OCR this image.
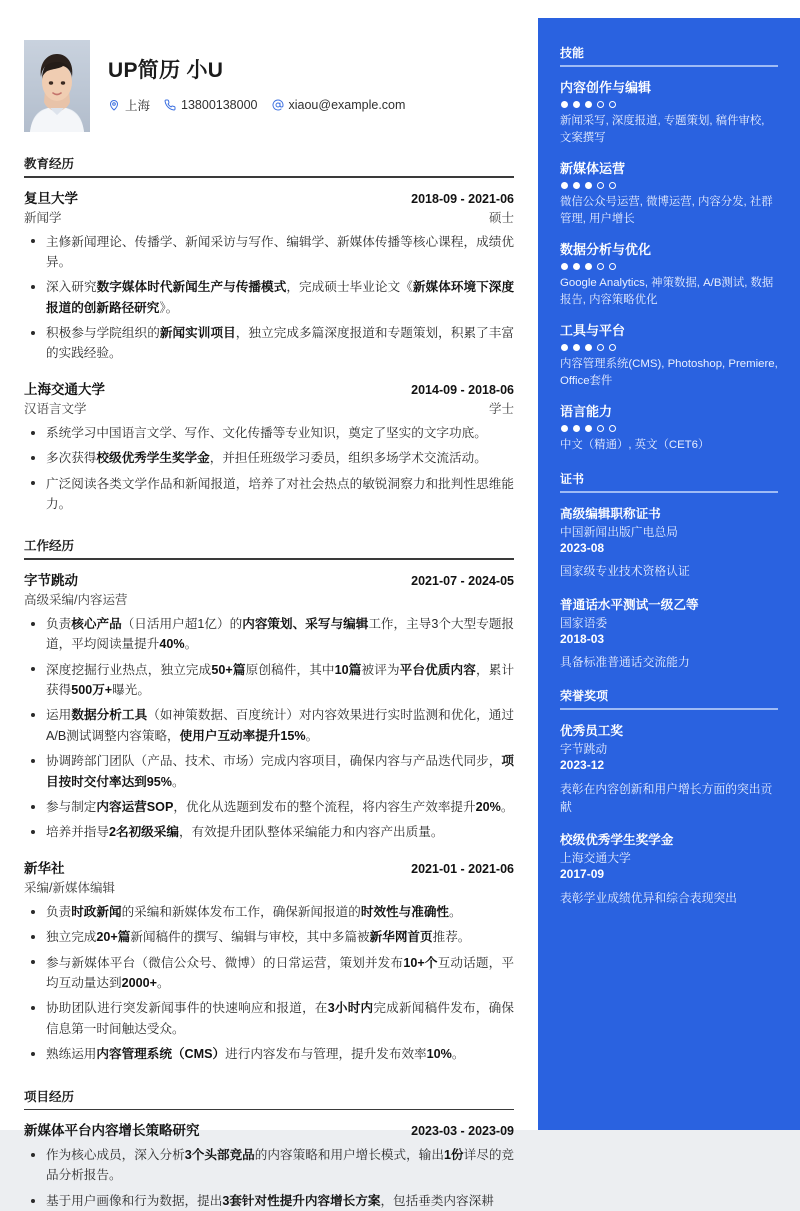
UP简历 小U
上海 13800138000 xiaou@example.com
教育经历
复旦大学	2018-09 - 2021-06
新闻学	硕士
主修新闻理论、传播学、新闻采访与写作、编辑学、新媒体传播等核心课程，成绩优异。
深入研究数字媒体时代新闻生产与传播模式，完成硕士毕业论文《新媒体环境下深度报道的创新路径研究》。
积极参与学院组织的新闻实训项目，独立完成多篇深度报道和专题策划，积累了丰富的实践经验。
上海交通大学	2014-09 - 2018-06
汉语言文学	学士
系统学习中国语言文学、写作、文化传播等专业知识，奠定了坚实的文字功底。
多次获得校级优秀学生奖学金，并担任班级学习委员，组织多场学术交流活动。
广泛阅读各类文学作品和新闻报道，培养了对社会热点的敏锐洞察力和批判性思维能力。
工作经历
字节跳动	2021-07 - 2024-05
高级采编/内容运营
负责核心产品（日活用户超1亿）的内容策划、采写与编辑工作，主导3个大型专题报道，平均阅读量提升40%。
深度挖掘行业热点，独立完成50+篇原创稿件，其中10篇被评为平台优质内容，累计获得500万+曝光。
运用数据分析工具（如神策数据、百度统计）对内容效果进行实时监测和优化，通过A/B测试调整内容策略，使用户互动率提升15%。
协调跨部门团队（产品、技术、市场）完成内容项目，确保内容与产品迭代同步，项目按时交付率达到95%。
参与制定内容运营SOP，优化从选题到发布的整个流程，将内容生产效率提升20%。
培养并指导2名初级采编，有效提升团队整体采编能力和内容产出质量。
新华社	2021-01 - 2021-06
采编/新媒体编辑
负责时政新闻的采编和新媒体发布工作，确保新闻报道的时效性与准确性。
独立完成20+篇新闻稿件的撰写、编辑与审校，其中多篇被新华网首页推荐。
参与新媒体平台（微信公众号、微博）的日常运营，策划并发布10+个互动话题，平均互动量达到2000+。
协助团队进行突发新闻事件的快速响应和报道，在3小时内完成新闻稿件发布，确保信息第一时间触达受众。
熟练运用内容管理系统（CMS）进行内容发布与管理，提升发布效率10%。
项目经历
新媒体平台内容增长策略研究	2023-03 - 2023-09
作为核心成员，深入分析3个头部竞品的内容策略和用户增长模式，输出1份详尽的竞品分析报告。
基于用户画像和行为数据，提出3套针对性提升内容增长方案，包括垂类内容深耕
技能
内容创作与编辑
新闻采写, 深度报道, 专题策划, 稿件审校, 文案撰写
新媒体运营
微信公众号运营, 微博运营, 内容分发, 社群管理, 用户增长
数据分析与优化
Google Analytics, 神策数据, A/B测试, 数据报告, 内容策略优化
工具与平台
内容管理系统(CMS), Photoshop, Premiere, Office套件
语言能力
中文（精通）, 英文（CET6）
证书
高级编辑职称证书
中国新闻出版广电总局
2023-08
国家级专业技术资格认证
普通话水平测试一级乙等
国家语委
2018-03
具备标准普通话交流能力
荣誉奖项
优秀员工奖
字节跳动
2023-12
表彰在内容创新和用户增长方面的突出贡献
校级优秀学生奖学金
上海交通大学
2017-09
表彰学业成绩优异和综合表现突出
